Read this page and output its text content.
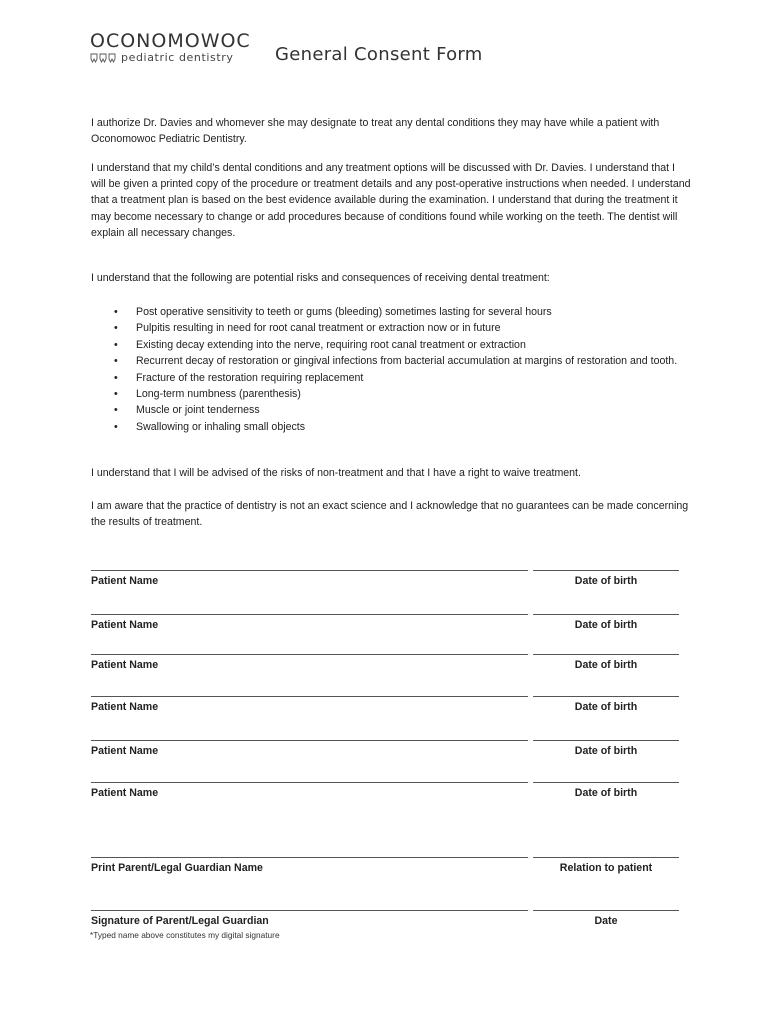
OCONOMOWOC
pediatric dentistry General Consent Form
I authorize Dr. Davies and whomever she may designate to treat any dental conditions they may have while a patient with Oconomowoc Pediatric Dentistry.
I understand that my child’s dental conditions and any treatment options will be discussed with Dr. Davies. I understand that I will be given a printed copy of the procedure or treatment details and any post-operative instructions when needed. I understand that a treatment plan is based on the best evidence available during the examination. I understand that during the treatment it may become necessary to change or add procedures because of conditions found while working on the teeth. The dentist will explain all necessary changes.
I understand that the following are potential risks and consequences of receiving dental treatment:
• Post operative sensitivity to teeth or gums (bleeding) sometimes lasting for several hours
• Pulpitis resulting in need for root canal treatment or extraction now or in future
• Existing decay extending into the nerve, requiring root canal treatment or extraction
• Recurrent decay of restoration or gingival infections from bacterial accumulation at margins of restoration and tooth.
• Fracture of the restoration requiring replacement
• Long-term numbness (parenthesis)
• Muscle or joint tenderness
• Swallowing or inhaling small objects
I understand that I will be advised of the risks of non-treatment and that I have a right to waive treatment.
I am aware that the practice of dentistry is not an exact science and I acknowledge that no guarantees can be made concerning the results of treatment.
Patient Name	Date of birth
Patient Name	Date of birth
Patient Name	Date of birth
Patient Name	Date of birth
Patient Name	Date of birth
Patient Name	Date of birth
Print Parent/Legal Guardian Name	Relation to patient
Signature of Parent/Legal Guardian	Date
*Typed name above constitutes my digital signature
